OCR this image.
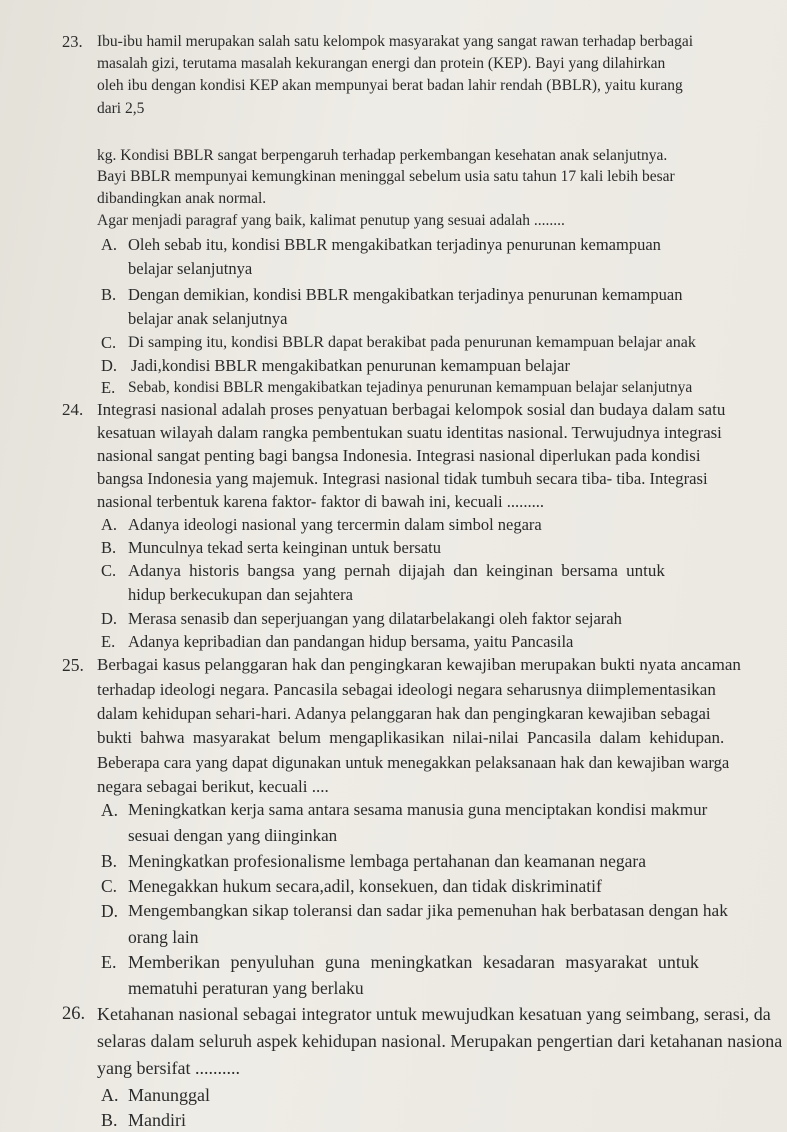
23. Ibu-ibu hamil merupakan salah satu kelompok masyarakat yang sangat rawan terhadap berbagai
masalah gizi, terutama masalah kekurangan energi dan protein (KEP). Bayi yang dilahirkan
oleh ibu dengan kondisi KEP akan mempunyai berat badan lahir rendah (BBLR), yaitu kurang
dari 2,5
kg. Kondisi BBLR sangat berpengaruh terhadap perkembangan kesehatan anak selanjutnya.
Bayi BBLR mempunyai kemungkinan meninggal sebelum usia satu tahun 17 kali lebih besar
dibandingkan anak normal.
Agar menjadi paragraf yang baik, kalimat penutup yang sesuai adalah ........
A. Oleh sebab itu, kondisi BBLR mengakibatkan terjadinya penurunan kemampuan
belajar selanjutnya
B. Dengan demikian, kondisi BBLR mengakibatkan terjadinya penurunan kemampuan
belajar anak selanjutnya
C. Di samping itu, kondisi BBLR dapat berakibat pada penurunan kemampuan belajar anak
D. Jadi,kondisi BBLR mengakibatkan penurunan kemampuan belajar
E. Sebab, kondisi BBLR mengakibatkan tejadinya penurunan kemampuan belajar selanjutnya
24. Integrasi nasional adalah proses penyatuan berbagai kelompok sosial dan budaya dalam satu
kesatuan wilayah dalam rangka pembentukan suatu identitas nasional. Terwujudnya integrasi
nasional sangat penting bagi bangsa Indonesia. Integrasi nasional diperlukan pada kondisi
bangsa Indonesia yang majemuk. Integrasi nasional tidak tumbuh secara tiba- tiba. Integrasi
nasional terbentuk karena faktor- faktor di bawah ini, kecuali .........
A. Adanya ideologi nasional yang tercermin dalam simbol negara
B. Munculnya tekad serta keinginan untuk bersatu
C. Adanya historis bangsa yang pernah dijajah dan keinginan bersama untuk
hidup berkecukupan dan sejahtera
D. Merasa senasib dan seperjuangan yang dilatarbelakangi oleh faktor sejarah
E. Adanya kepribadian dan pandangan hidup bersama, yaitu Pancasila
25. Berbagai kasus pelanggaran hak dan pengingkaran kewajiban merupakan bukti nyata ancaman
terhadap ideologi negara. Pancasila sebagai ideologi negara seharusnya diimplementasikan
dalam kehidupan sehari-hari. Adanya pelanggaran hak dan pengingkaran kewajiban sebagai
bukti bahwa masyarakat belum mengaplikasikan nilai-nilai Pancasila dalam kehidupan.
Beberapa cara yang dapat digunakan untuk menegakkan pelaksanaan hak dan kewajiban warga
negara sebagai berikut, kecuali ....
A. Meningkatkan kerja sama antara sesama manusia guna menciptakan kondisi makmur
sesuai dengan yang diinginkan
B. Meningkatkan profesionalisme lembaga pertahanan dan keamanan negara
C. Menegakkan hukum secara,adil, konsekuen, dan tidak diskriminatif
D. Mengembangkan sikap toleransi dan sadar jika pemenuhan hak berbatasan dengan hak
orang lain
E. Memberikan penyuluhan guna meningkatkan kesadaran masyarakat untuk
mematuhi peraturan yang berlaku
26. Ketahanan nasional sebagai integrator untuk mewujudkan kesatuan yang seimbang, serasi, da
selaras dalam seluruh aspek kehidupan nasional. Merupakan pengertian dari ketahanan nasiona
yang bersifat ..........
A. Manunggal
B. Mandiri
